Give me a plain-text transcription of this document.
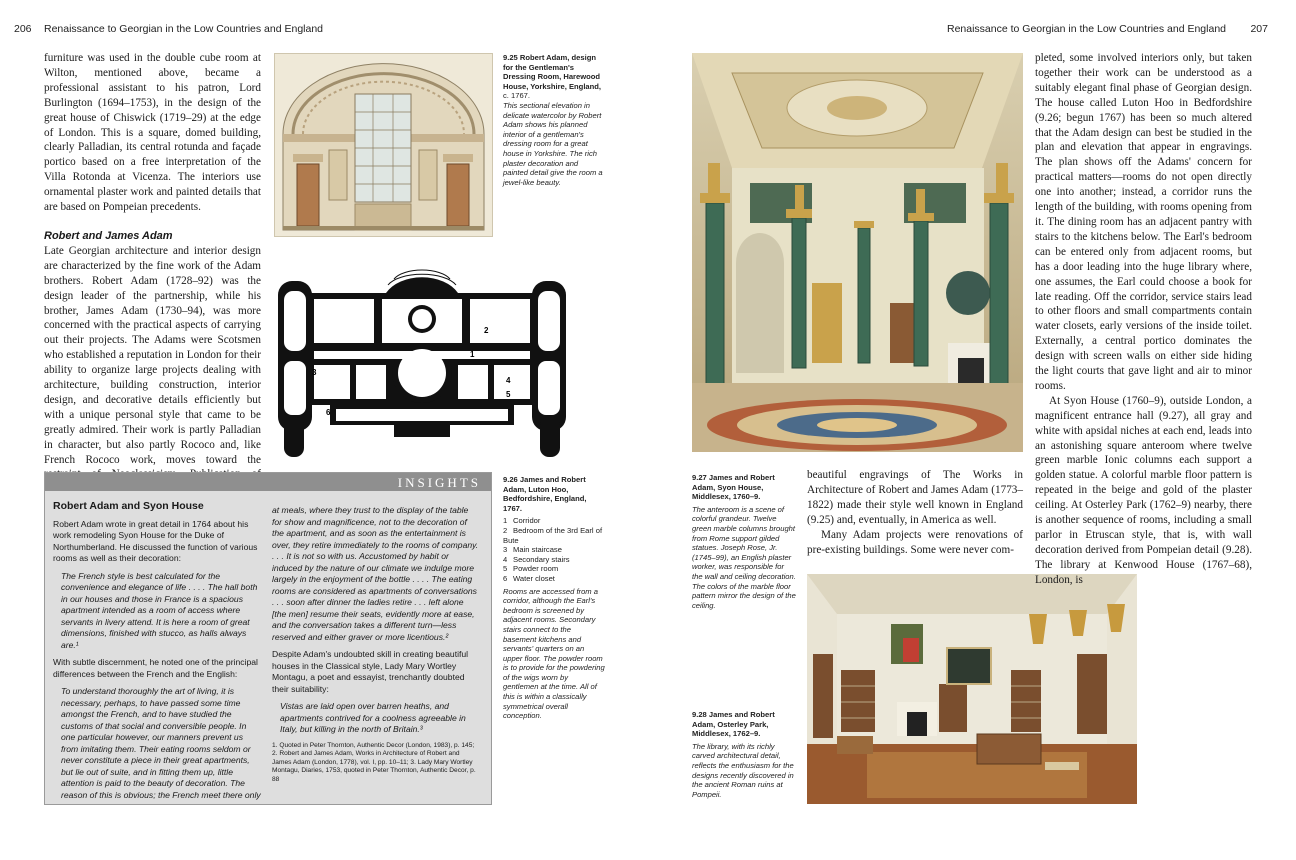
206 Renaissance to Georgian in the Low Countries and England

furniture was used in the double cube room at Wilton, mentioned above, became a professional assistant to his patron, Lord Burlington (1694–1753), in the design of the great house of Chiswick (1719–29) at the edge of London. This is a square, domed building, clearly Palladian, its central rotunda and façade portico based on a free interpretation of the Villa Rotonda at Vicenza. The interiors use ornamental plaster work and painted details that are based on Pompeian precedents.

Robert and James Adam

Late Georgian architecture and interior design are characterized by the fine work of the Adam brothers. Robert Adam (1728–92) was the design leader of the partnership, while his brother, James Adam (1730–94), was more concerned with the practical aspects of carrying out their projects. The Adams were Scotsmen who established a reputation in London for their ability to organize large projects dealing with architecture, building construction, interior design, and decorative details efficiently but with a unique personal style that came to be greatly admired. Their work is partly Palladian in character, but also partly Rococo and, like French Rococo work, moves toward the

9.25 Robert Adam, design for the Gentleman's Dressing Room, Harewood House, Yorkshire, England,

c. 1767.

This sectional elevation in delicate watercolor by Robert Adam shows his planned interior of a gentleman's dressing room for a great house in Yorkshire. The rich plaster decoration and painted detail give the room a jewel-like beauty.

2
1
3
4
5
6

9.26 James and Robert Adam, Luton Hoo, Bedfordshire, England, 1767.

1 Corridor
2 Bedroom of the 3rd Earl of Bute
3 Main staircase
4 Secondary stairs
5 Powder room
6 Water closet

Rooms are accessed from a corridor, although the Earl's bedroom is screened by adjacent rooms. Secondary stairs connect to the basement kitchens and servants' quarters on an upper floor. The powder room is to provide for the powdering of the wigs worn by gentlemen at the time. All of this is within a classically symmetrical overall conception.

INSIGHTS

Robert Adam and Syon House

Robert Adam wrote in great detail in 1764 about his work remodeling Syon House for the Duke of Northumberland. He discussed the function of various rooms as well as their decoration:

The French style is best calculated for the convenience and elegance of life . . . . The hall both in our houses and those in France is a spacious apartment intended as a room of access where servants in livery attend. It is here a room of great dimensions, finished with stucco, as halls always are.¹

With subtle discernment, he noted one of the principal differences between the French and the English:

To understand thoroughly the art of living, it is necessary, perhaps, to have passed some time amongst the French, and to have studied the customs of that social and conversible people. In one particular however, our manners prevent us from imitating them. Their eating rooms seldom or never constitute a piece in their great apartments, but lie out of suite, and in fitting them up, little attention is paid to the beauty of decoration. The reason of this is obvious; the French meet there only

at meals, where they trust to the display of the table for show and magnificence, not to the decoration of the apartment, and as soon as the entertainment is over, they retire immediately to the rooms of company. . . . It is not so with us. Accustomed by habit or induced by the nature of our climate we indulge more largely in the enjoyment of the bottle . . . . The eating rooms are considered as apartments of conversations . . . soon after dinner the ladies retire . . . left alone [the men] resume their seats, evidently more at ease, and the conversation takes a different turn—less reserved and either graver or more licentious.²

Despite Adam's undoubted skill in creating beautiful houses in the Classical style, Lady Mary Wortley Montagu, a poet and essayist, trenchantly doubted their suitability:

Vistas are laid open over barren heaths, and apartments contrived for a coolness agreeable in Italy, but killing in the north of Britain.³

1. Quoted in Peter Thornton, Authentic Decor (London, 1983), p. 145; 2. Robert and James Adam, Works in Architecture of Robert and James Adam (London, 1778), vol. I, pp. 10–11; 3. Lady Mary Wortley Montagu, Diaries, 1753, quoted in Peter Thornton, Authentic Decor, p. 88

Renaissance to Georgian in the Low Countries and England 207

9.27 James and Robert Adam, Syon House, Middlesex, 1760–9.

The anteroom is a scene of colorful grandeur. Twelve green marble columns brought from Rome support gilded statues. Joseph Rose, Jr. (1745–99), an English plaster worker, was responsible for the wall and ceiling decoration. The colors of the marble floor pattern mirror the design of the ceiling.

beautiful engravings of The Works in Architecture of Robert and James Adam (1773–1822) made their style well known in England (9.25) and, eventually, in America as well.

Many Adam projects were renovations of pre-existing buildings. Some were never com-

9.28 James and Robert Adam, Osterley Park, Middlesex, 1762–9.

The library, with its richly carved architectural detail, reflects the enthusiasm for the designs recently discovered in the ancient Roman ruins at Pompeii.

pleted, some involved interiors only, but taken together their work can be understood as a suitably elegant final phase of Georgian design. The house called Luton Hoo in Bedfordshire (9.26; begun 1767) has been so much altered that the Adam design can best be studied in the plan and elevation that appear in engravings. The plan shows off the Adams' concern for practical matters—rooms do not open directly one into another; instead, a corridor runs the length of the building, with rooms opening from it. The dining room has an adjacent pantry with stairs to the kitchens below. The Earl's bedroom can be entered only from adjacent rooms, but has a door leading into the huge library where, one assumes, the Earl could choose a book for late reading. Off the corridor, service stairs lead to other floors and small compartments contain water closets, early versions of the inside toilet. Externally, a central portico dominates the design with screen walls on either side hiding the light courts that gave light and air to minor rooms.

At Syon House (1760–9), outside London, a magnificent entrance hall (9.27), all gray and white with apsidal niches at each end, leads into an astonishing square anteroom where twelve green marble Ionic columns each support a golden statue. A colorful marble floor pattern is repeated in the beige and gold of the plaster ceiling. At Osterley Park (1762–9) nearby, there is another sequence of rooms, including a small parlor in Etruscan style, that is, with wall decoration derived from Pompeian detail (9.28). The library at Kenwood House (1767–68), London, is
